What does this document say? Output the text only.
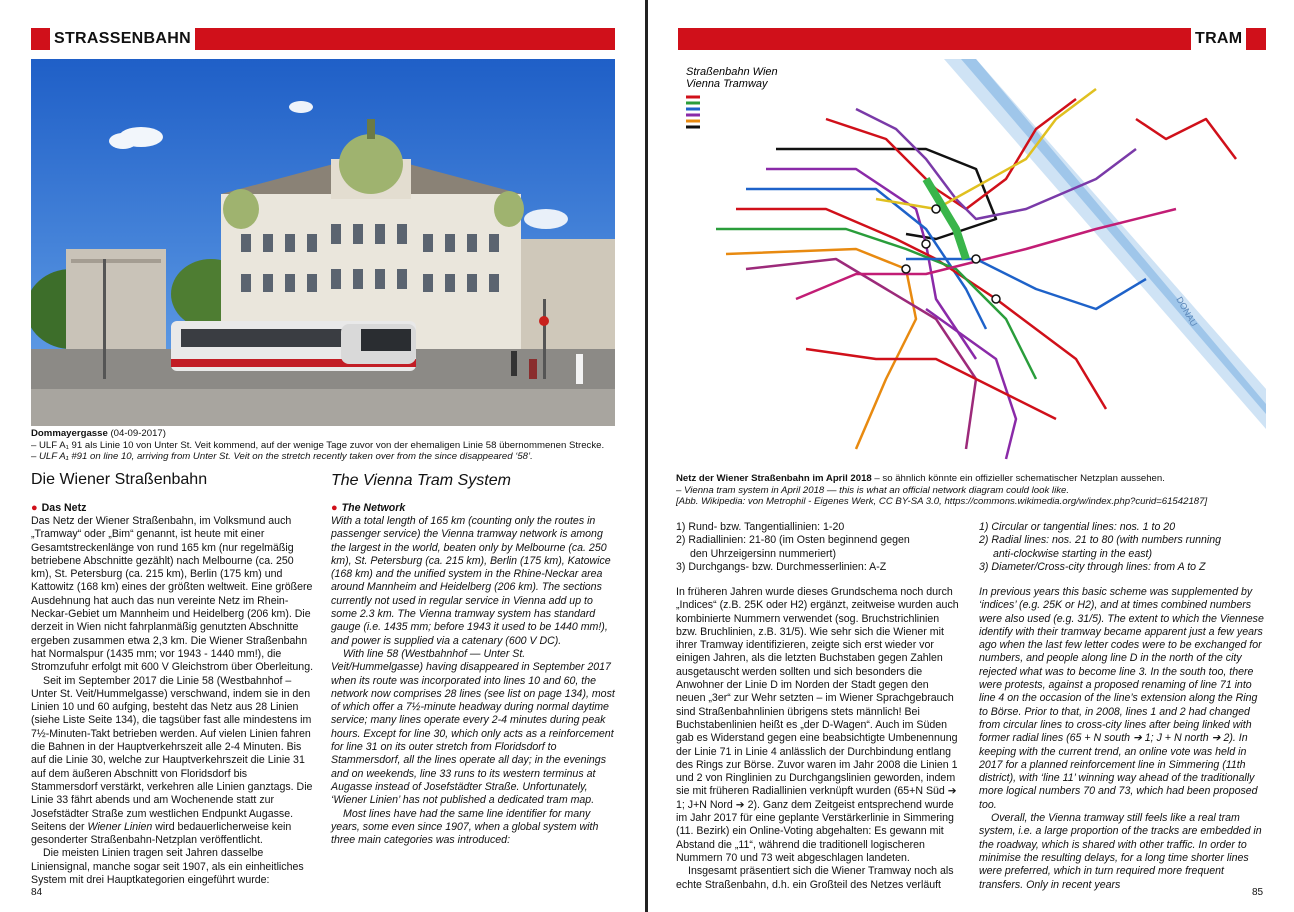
STRASSENBAHN
Dommayergasse (04-09-2017)
– ULF A₁ 91 als Linie 10 von Unter St. Veit kommend, auf der wenige Tage zuvor von der ehemaligen Linie 58 übernommenen Strecke.
– ULF A₁ #91 on line 10, arriving from Unter St. Veit on the stretch recently taken over from the since disappeared ‘58’.
Die Wiener Straßenbahn	The Vienna Tram System
● Das Netz	● The Network

Das Netz der Wiener Straßenbahn, im Volksmund auch „Tramway“ oder „Bim“ genannt, ist heute mit einer Gesamtstreckenlänge von rund 165 km (nur regelmäßig betriebene Abschnitte gezählt) nach Melbourne (ca. 250 km), St. Petersburg (ca. 215 km), Berlin (175 km) und Kattowitz (168 km) eines der größten weltweit. Eine größere Ausdehnung hat auch das nun vereinte Netz im Rhein-Neckar-Gebiet um Mannheim und Heidelberg (206 km). Die derzeit in Wien nicht fahrplanmäßig genutzten Abschnitte ergeben zusammen etwa 2,3 km. Die Wiener Straßenbahn hat Normalspur (1435 mm; vor 1943 - 1440 mm!), die Stromzufuhr erfolgt mit 600 V Gleichstrom über Oberleitung.

Seit im September 2017 die Linie 58 (Westbahnhof – Unter St. Veit/Hummelgasse) verschwand, indem sie in den Linien 10 und 60 aufging, besteht das Netz aus 28 Linien (siehe Liste Seite 134), die tagsüber fast alle mindestens im 7½-Minuten-Takt betrieben werden. Auf vielen Linien fahren die Bahnen in der Hauptverkehrszeit alle 2-4 Minuten. Bis auf die Linie 30, welche zur Hauptverkehrszeit die Linie 31 auf dem äußeren Abschnitt von Floridsdorf bis Stammersdorf verstärkt, verkehren alle Linien ganztags. Die Linie 33 fährt abends und am Wochenende statt zur Josefstädter Straße zum westlichen Endpunkt Augasse. Seitens der Wiener Linien wird bedauerlicherweise kein gesonderter Straßenbahn-Netzplan veröffentlicht.

Die meisten Linien tragen seit Jahren dasselbe Liniensignal, manche sogar seit 1907, als ein einheitliches System mit drei Hauptkategorien eingeführt wurde:

With a total length of 165 km (counting only the routes in passenger service) the Vienna tramway network is among the largest in the world, beaten only by Melbourne (ca. 250 km), St. Petersburg (ca. 215 km), Berlin (175 km), Katowice (168 km) and the unified system in the Rhine-Neckar area around Mannheim and Heidelberg (206 km). The sections currently not used in regular service in Vienna add up to some 2.3 km. The Vienna tramway system has standard gauge (i.e. 1435 mm; before 1943 it used to be 1440 mm!), and power is supplied via a catenary (600 V DC).

With line 58 (Westbahnhof — Unter St. Veit/Hummelgasse) having disappeared in September 2017 when its route was incorporated into lines 10 and 60, the network now comprises 28 lines (see list on page 134), most of which offer a 7½-minute headway during normal daytime service; many lines operate every 2-4 minutes during peak hours. Except for line 30, which only acts as a reinforcement for line 31 on its outer stretch from Floridsdorf to Stammersdorf, all the lines operate all day; in the evenings and on weekends, line 33 runs to its western terminus at Augasse instead of Josefstädter Straße. Unfortunately, ‘Wiener Linien’ has not published a dedicated tram map.

Most lines have had the same line identifier for many years, some even since 1907, when a global system with three main categories was introduced:

84
TRAM
DONAU
Straßenbahn Wien
Vienna Tramway
Netz der Wiener Straßenbahn im April 2018 – so ähnlich könnte ein offizieller schematischer Netzplan aussehen.
– Vienna tram system in April 2018 — this is what an official network diagram could look like.
[Abb. Wikipedia: von Metrophil - Eigenes Werk, CC BY-SA 3.0, https://commons.wikimedia.org/w/index.php?curid=61542187]
1) Rund- bzw. Tangentiallinien: 1-20
2) Radiallinien: 21-80 (im Osten beginnend gegen
den Uhrzeigersinn nummeriert)
3) Durchgangs- bzw. Durchmesserlinien: A-Z
1) Circular or tangential lines: nos. 1 to 20
2) Radial lines: nos. 21 to 80 (with numbers running
anti-clockwise starting in the east)
3) Diameter/Cross-city through lines: from A to Z

In früheren Jahren wurde dieses Grundschema noch durch „Indices“ (z.B. 25K oder H2) ergänzt, zeitweise wurden auch kombinierte Nummern verwendet (sog. Bruchstrichlinien bzw. Bruchlinien, z.B. 31/5). Wie sehr sich die Wiener mit ihrer Tramway identifizieren, zeigte sich erst wieder vor einigen Jahren, als die letzten Buchstaben gegen Zahlen ausgetauscht werden sollten und sich besonders die Anwohner der Linie D im Norden der Stadt gegen den neuen „3er“ zur Wehr setzten – im Wiener Sprachgebrauch sind Straßenbahnlinien übrigens stets männlich! Bei Buchstabenlinien heißt es „der D-Wagen“. Auch im Süden gab es Widerstand gegen eine beabsichtigte Umbenennung der Linie 71 in Linie 4 anlässlich der Durchbindung entlang des Rings zur Börse. Zuvor waren im Jahr 2008 die Linien 1 und 2 von Ringlinien zu Durchgangslinien geworden, indem sie mit früheren Radiallinien verknüpft wurden (65+N Süd ➔ 1; J+N Nord ➔ 2). Ganz dem Zeitgeist entsprechend wurde im Jahr 2017 für eine geplante Verstärkerlinie in Simmering (11. Bezirk) ein Online-Voting abgehalten: Es gewann mit Abstand die „11“, während die traditionell logischeren Nummern 70 und 73 weit abgeschlagen landeten.

Insgesamt präsentiert sich die Wiener Tramway noch als echte Straßenbahn, d.h. ein Großteil des Netzes verläuft

In previous years this basic scheme was supplemented by ‘indices’ (e.g. 25K or H2), and at times combined numbers were also used (e.g. 31/5). The extent to which the Viennese identify with their tramway became apparent just a few years ago when the last few letter codes were to be exchanged for numbers, and people along line D in the north of the city rejected what was to become line 3. In the south too, there were protests, against a proposed renaming of line 71 into line 4 on the occasion of the line’s extension along the Ring to Börse. Prior to that, in 2008, lines 1 and 2 had changed from circular lines to cross-city lines after being linked with former radial lines (65 + N south ➔ 1; J + N north ➔ 2). In keeping with the current trend, an online vote was held in 2017 for a planned reinforcement line in Simmering (11th district), with ‘line 11’ winning way ahead of the traditionally more logical numbers 70 and 73, which had been proposed too.

Overall, the Vienna tramway still feels like a real tram system, i.e. a large proportion of the tracks are embedded in the roadway, which is shared with other traffic. In order to minimise the resulting delays, for a long time shorter lines were preferred, which in turn required more frequent transfers. Only in recent years

85
